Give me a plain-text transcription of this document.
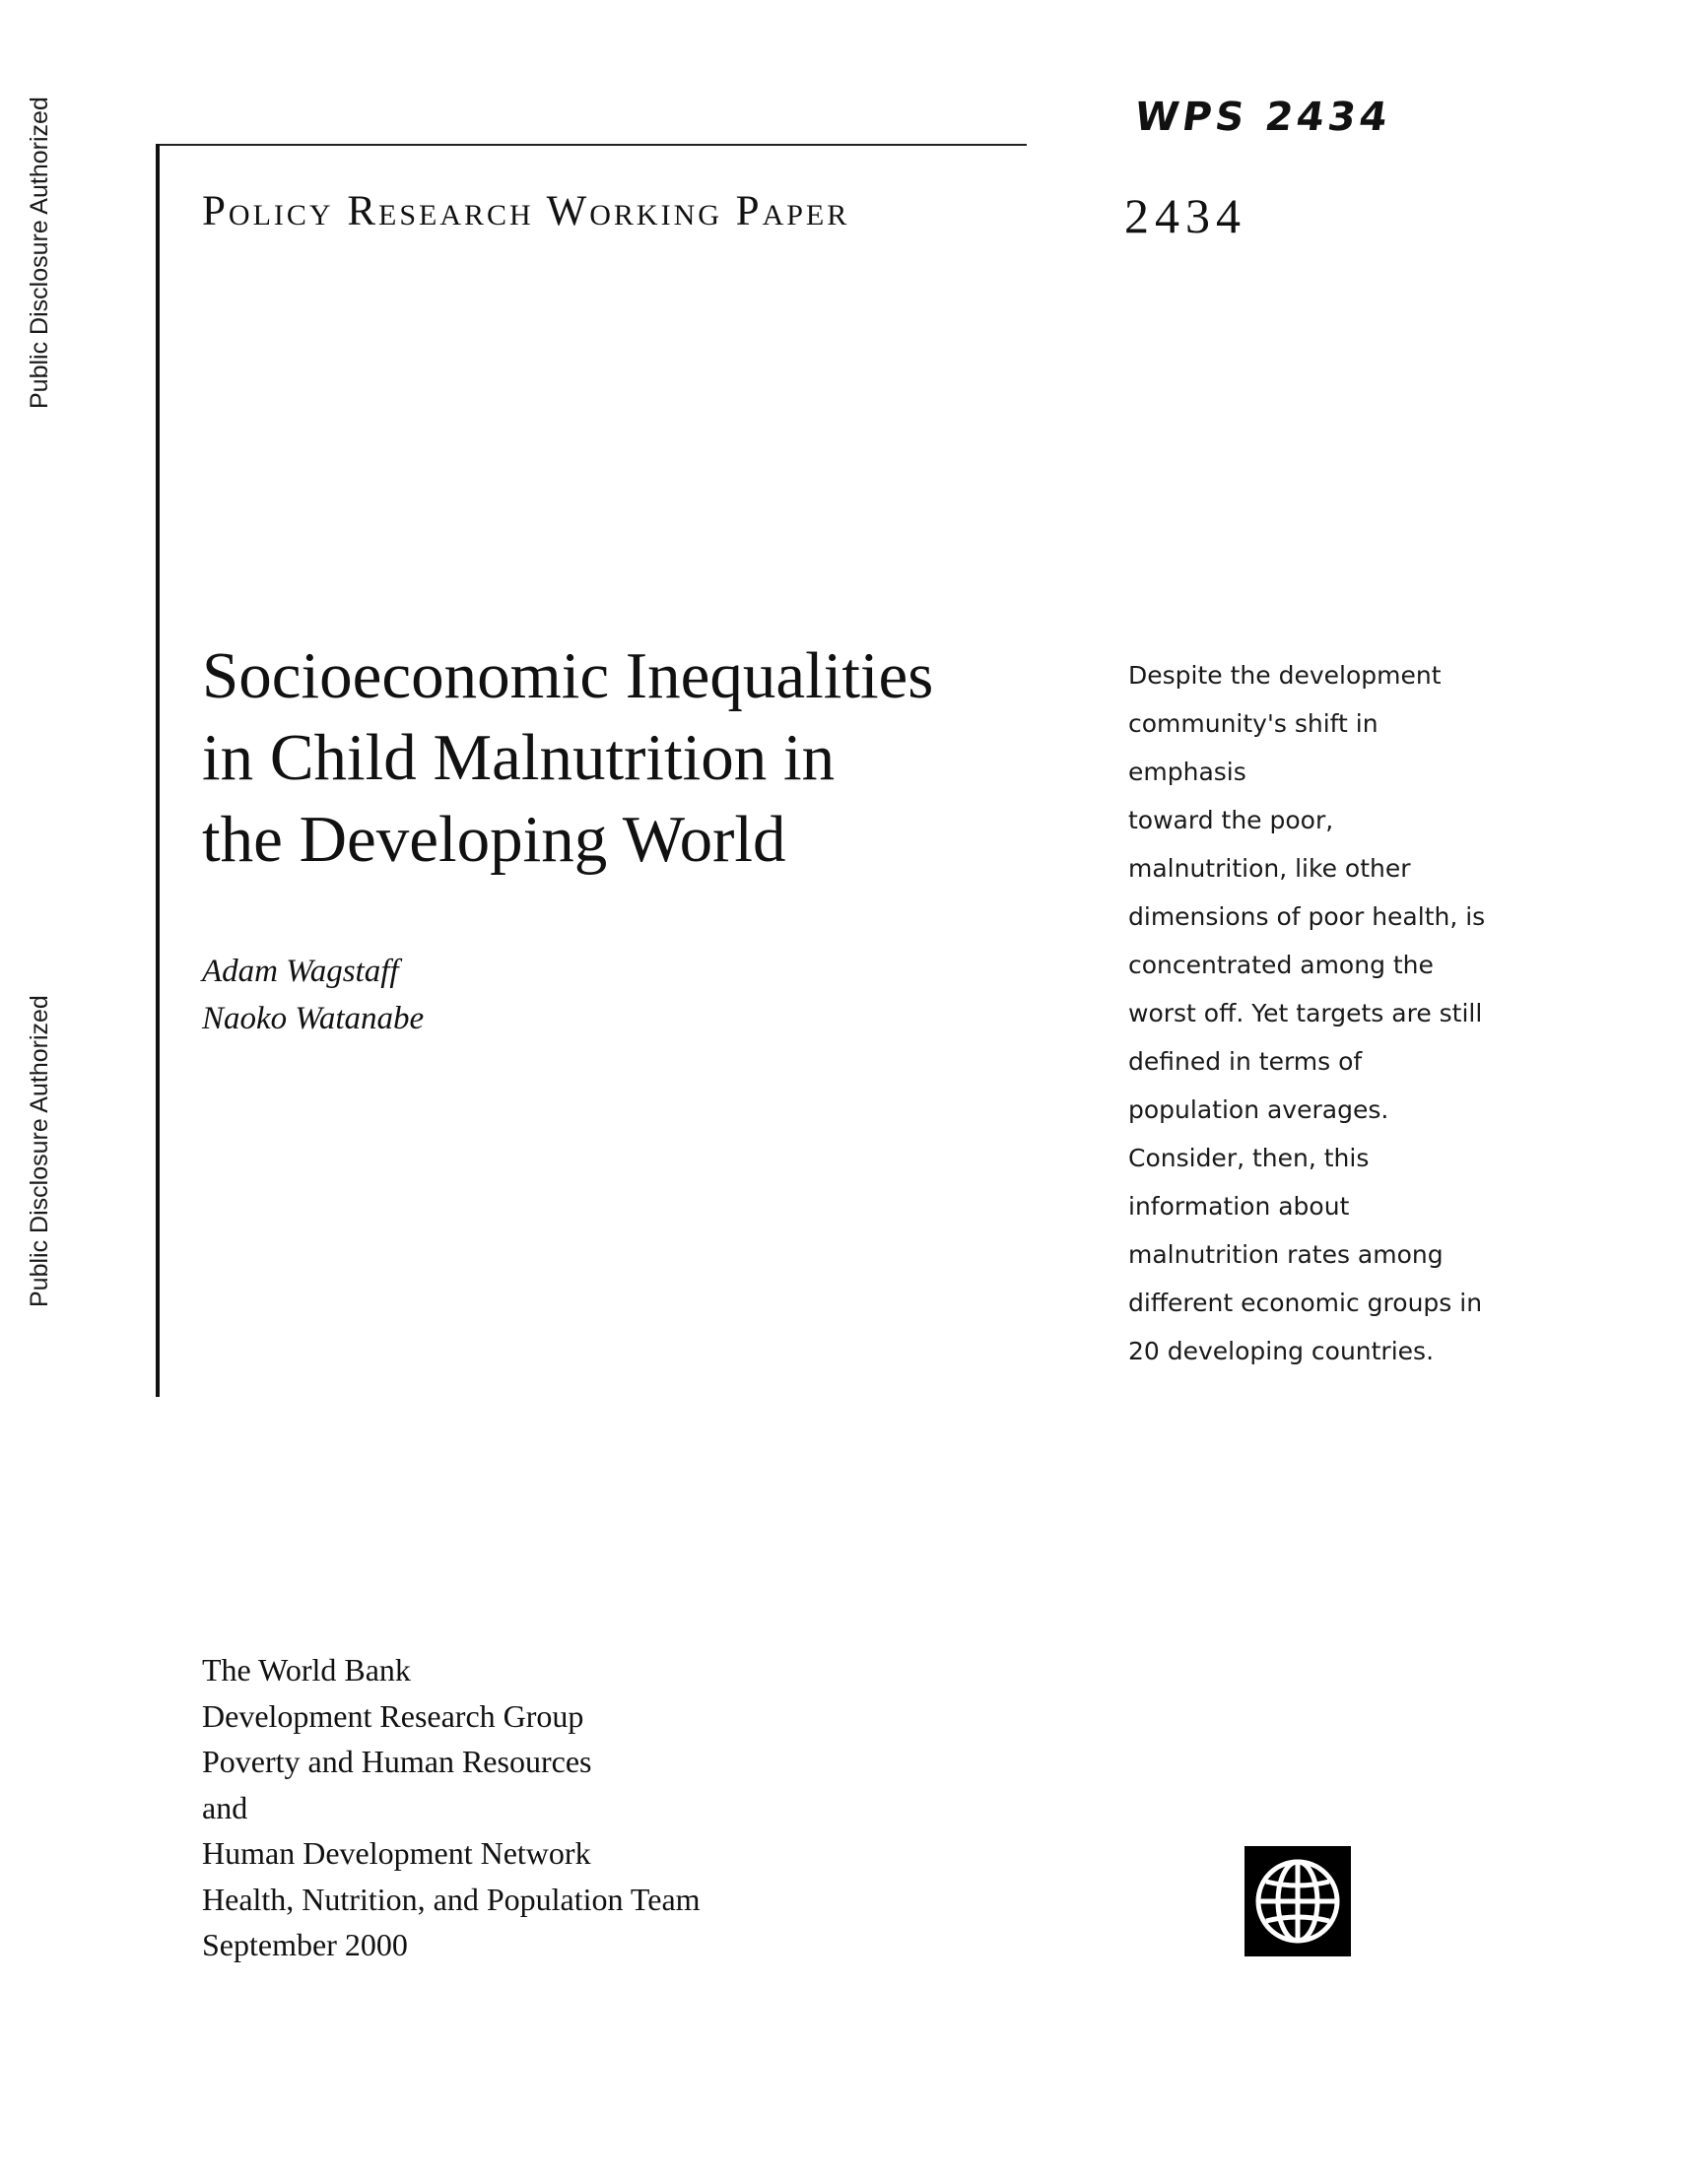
Public Disclosure Authorized
Public Disclosure Authorized
WPS 2434
Policy Research Working Paper	2434
Socioeconomic Inequalities
in Child Malnutrition in
the Developing World
Adam Wagstaff
Naoko Watanabe
Despite the development
community's shift in emphasis
toward the poor,
malnutrition, like other
dimensions of poor health, is
concentrated among the
worst off. Yet targets are still
defined in terms of
population averages.
Consider, then, this
information about
malnutrition rates among
different economic groups in
20 developing countries.
The World Bank
Development Research Group
Poverty and Human Resources
and
Human Development Network
Health, Nutrition, and Population Team
September 2000
